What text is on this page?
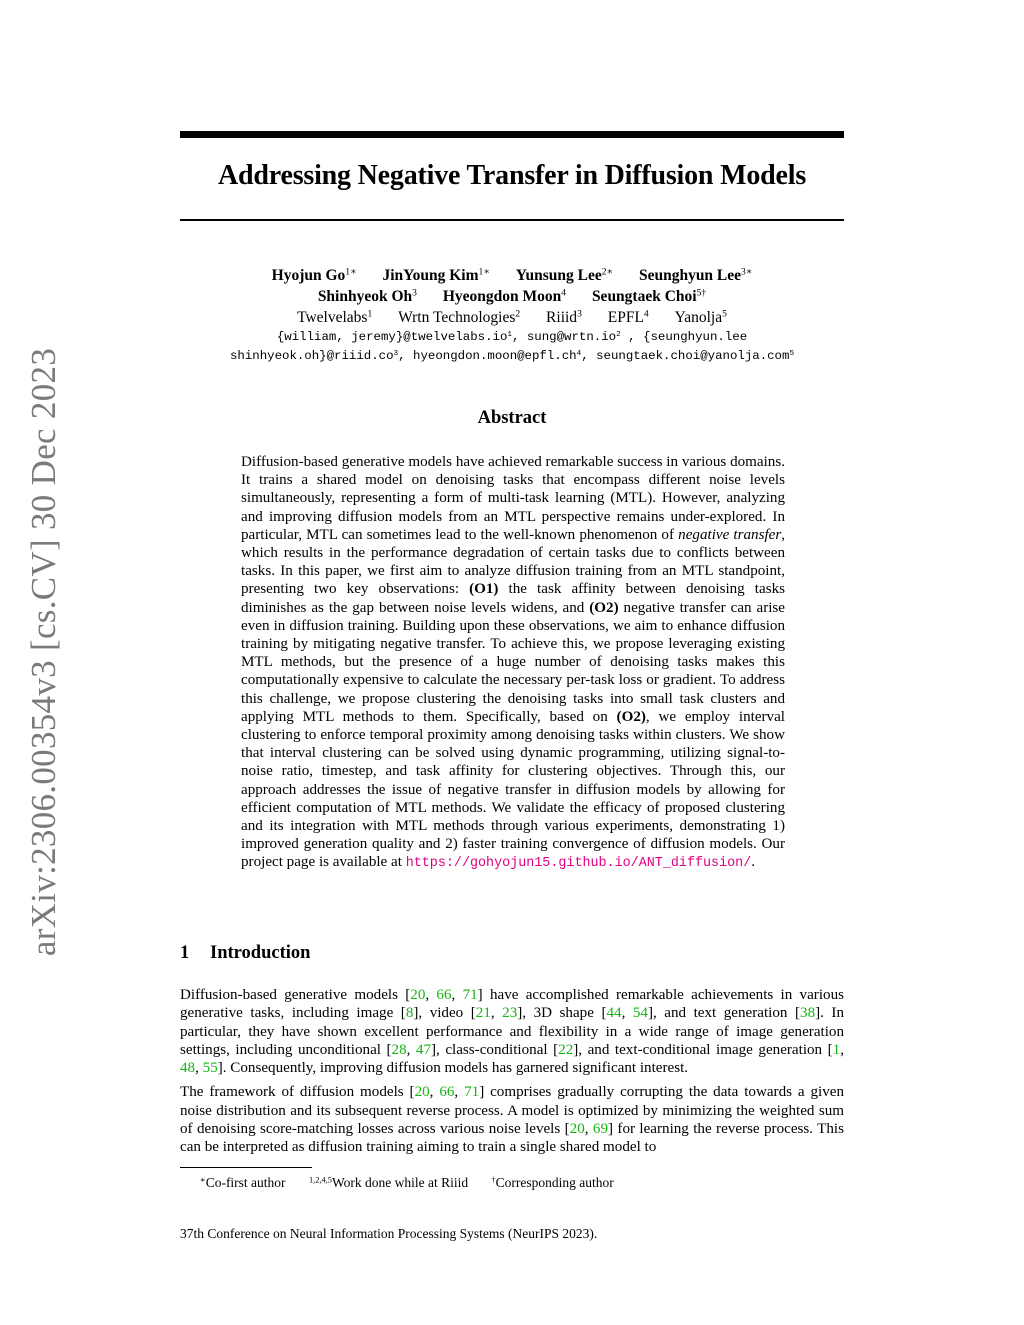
arXiv:2306.00354v3 [cs.CV] 30 Dec 2023
Addressing Negative Transfer in Diffusion Models
Hyojun $Go^{1∗}$ JinYoung Kim$^{1∗}$ Yunsung Lee$^{2∗}$ Seunghyun Lee$^{3∗}$
Shinhyeok Oh$^3$ Hyeongdon Moon$^4$ Seungtaek Choi$^{5\dagger}$
Twelvelabs$^1$ Wrtn Technologies$^2$ Riiid$^3$ EPFL$^4$ Yanolja$^5$
{william, $jeremy\}@twelvelabs.io^1$, $sung@wrtn.io^2$ , {seunghyun.lee
$shinhyeok.oh\}@riiid.co^3$, $hyeongdon.moon@epfl.ch^4$, seungtaek.choi@yanolja.com$^5$
Abstract
Diffusion-based generative models have achieved remarkable success in various domains. It trains a shared model on denoising tasks that encompass different noise levels simultaneously, representing a form of multi-task learning (MTL). However, analyzing and improving diffusion models from an MTL perspective remains under-explored. In particular, MTL can sometimes lead to the well-known phenomenon of negative transfer, which results in the performance degradation of certain tasks due to conflicts between tasks. In this paper, we first aim to analyze diffusion training from an MTL standpoint, presenting two key observations: (O1) the task affinity between denoising tasks diminishes as the gap between noise levels widens, and (O2) negative transfer can arise even in diffusion training. Building upon these observations, we aim to enhance diffusion training by mitigating negative transfer. To achieve this, we propose leveraging existing MTL methods, but the presence of a huge number of denoising tasks makes this computationally expensive to calculate the necessary per-task loss or gradient. To address this challenge, we propose clustering the denoising tasks into small task clusters and applying MTL methods to them. Specifically, based on (O2), we employ interval clustering to enforce temporal proximity among denoising tasks within clusters. We show that interval clustering can be solved using dynamic programming, utilizing signal-to-noise ratio, timestep, and task affinity for clustering objectives. Through this, our approach addresses the issue of negative transfer in diffusion models by allowing for efficient computation of MTL methods. We validate the efficacy of proposed clustering and its integration with MTL methods through various experiments, demonstrating 1) improved generation quality and 2) faster training convergence of diffusion models. Our project page is available at https://gohyojun15.github.io/ANT_diffusion/.
1 Introduction

Diffusion-based generative models [20, 66, 71] have accomplished remarkable achievements in various generative tasks, including image [8], video [21, 23], 3D shape [44, 54], and text generation [38]. In particular, they have shown excellent performance and flexibility in a wide range of image generation settings, including unconditional [28, 47], class-conditional [22], and text-conditional image generation [1, 48, 55]. Consequently, improving diffusion models has garnered significant interest.

The framework of diffusion models [20, 66, 71] comprises gradually corrupting the data towards a given noise distribution and its subsequent reverse process. A model is optimized by minimizing the weighted sum of denoising score-matching losses across various noise levels [20, 69] for learning the reverse process. This can be interpreted as diffusion training aiming to train a single shared model to

∗Co-first author	$^{1,2,4,5}$Work done while at Riiid	†Corresponding author
37th Conference on Neural Information Processing Systems (NeurIPS 2023).
